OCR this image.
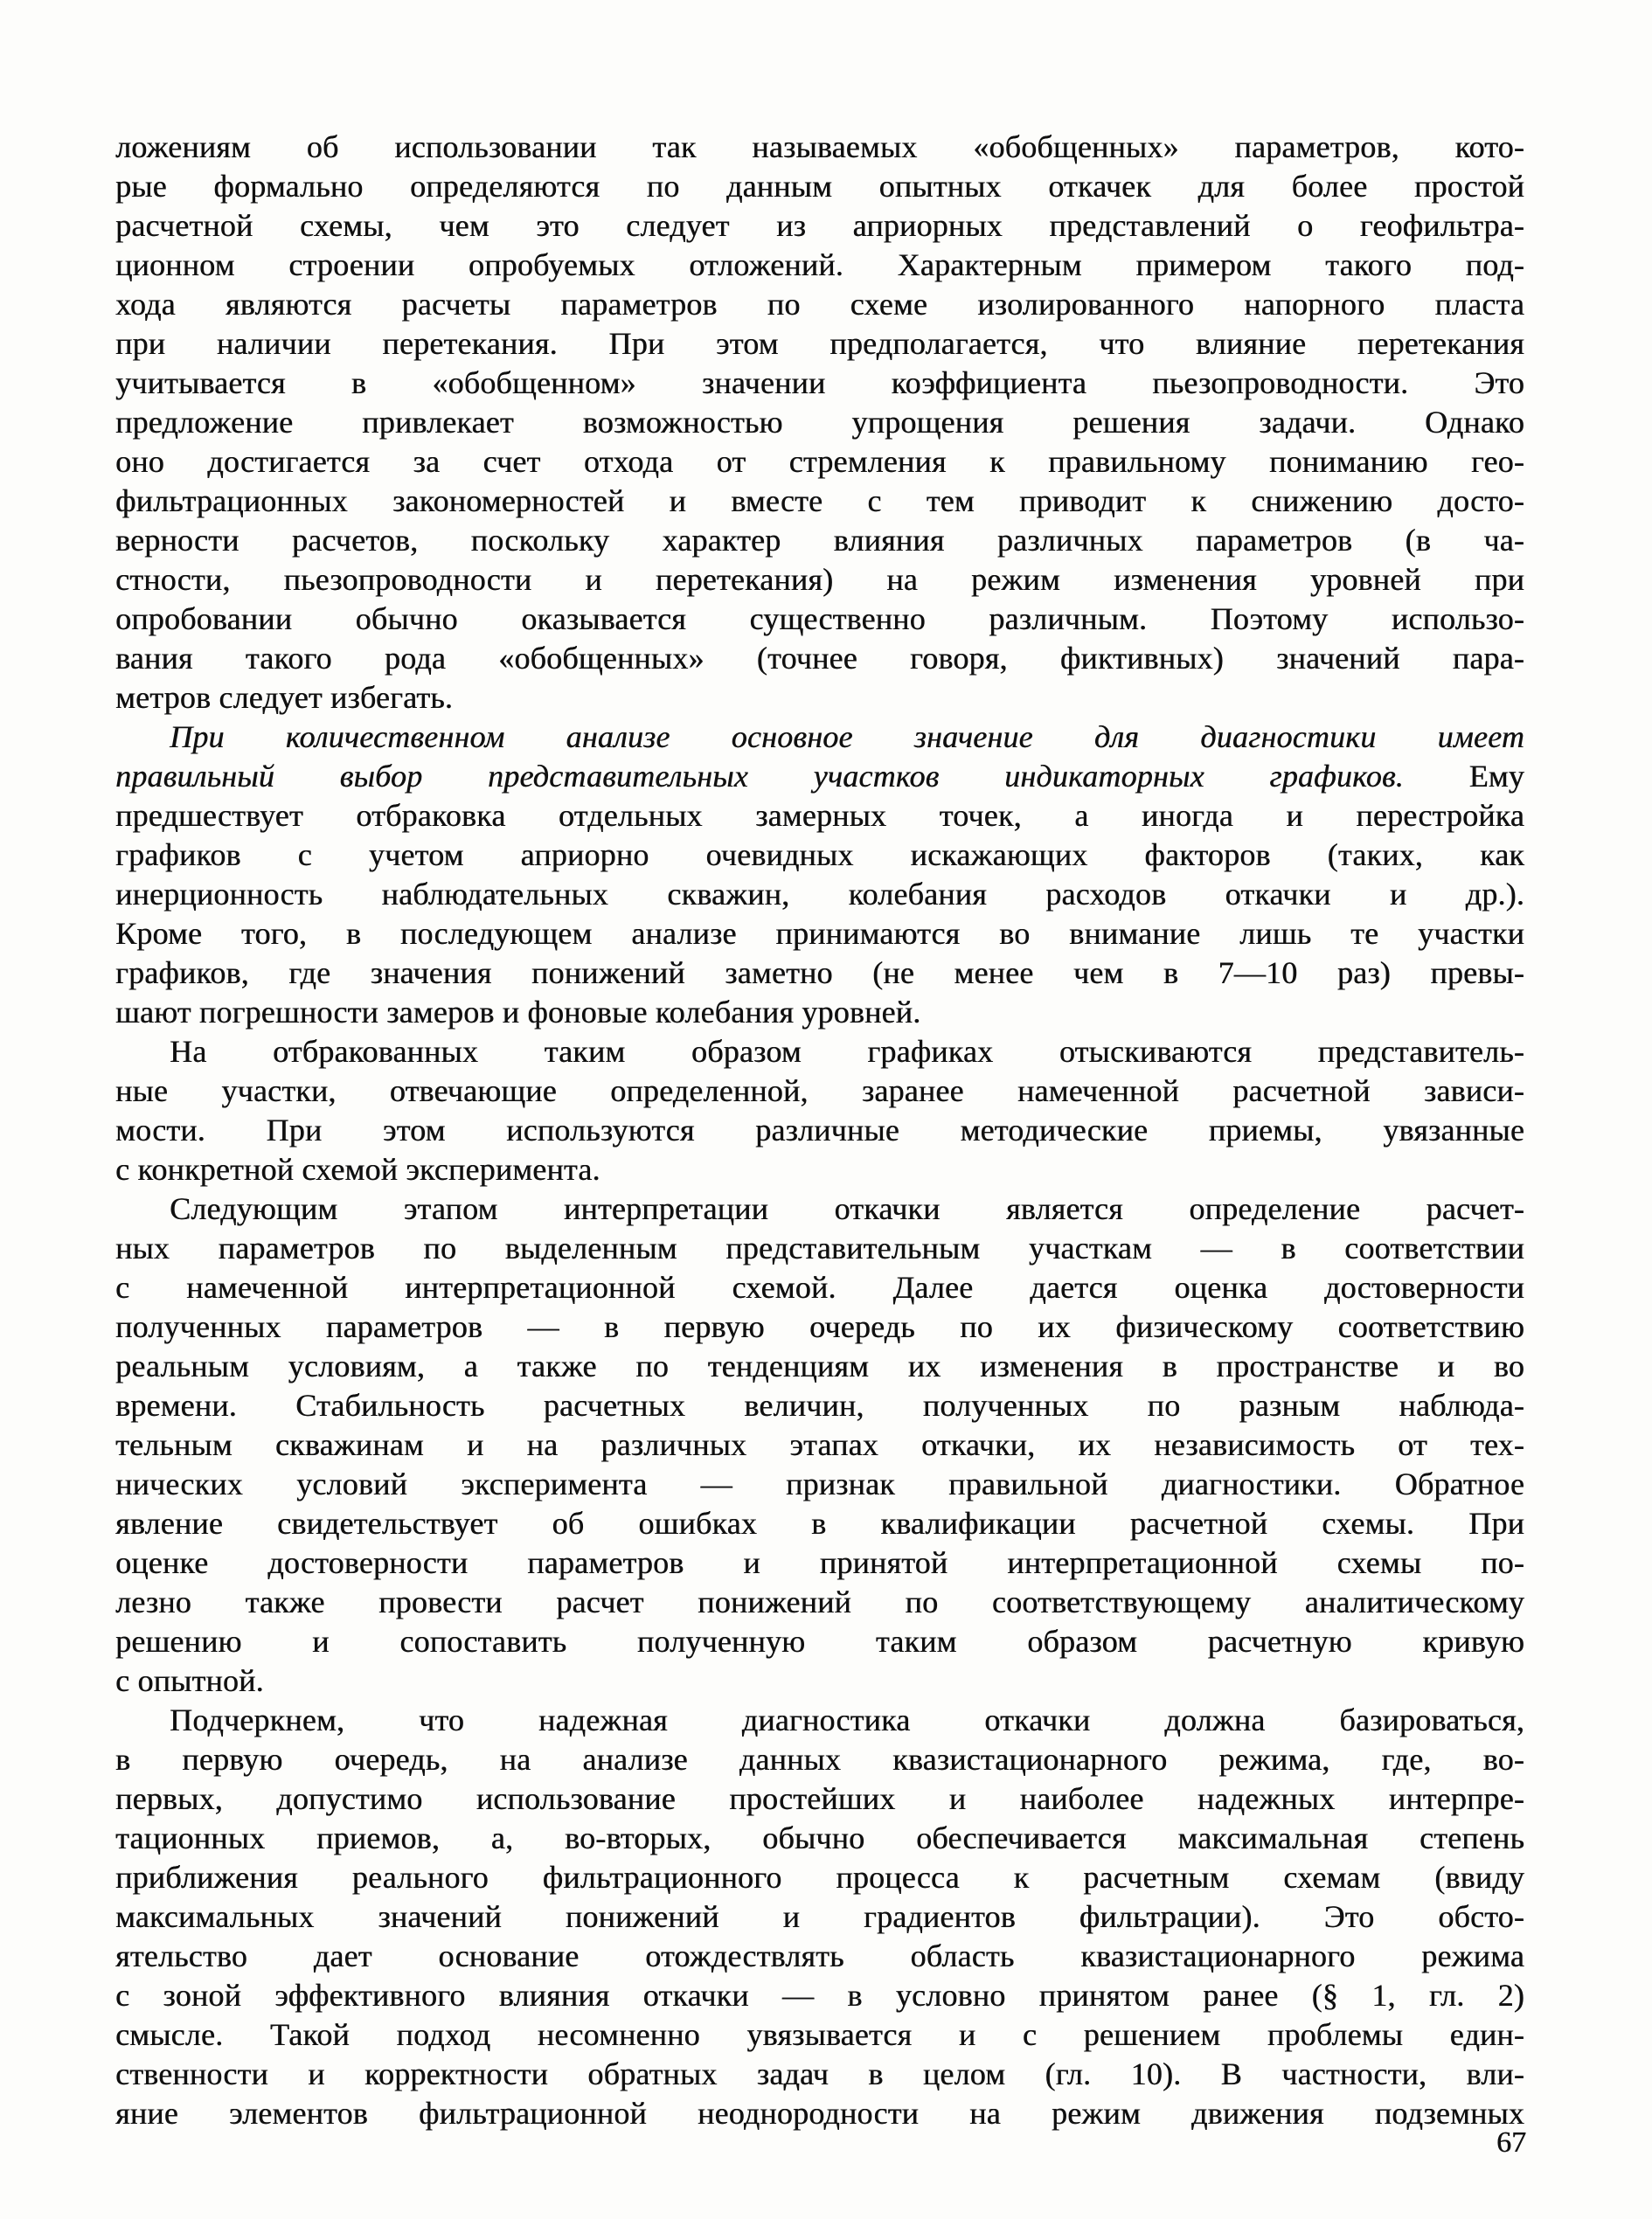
ложениям об использовании так называемых «обобщенных» параметров, кото-
рые формально определяются по данным опытных откачек для более простой
расчетной схемы, чем это следует из априорных представлений о геофильтра-
ционном строении опробуемых отложений. Характерным примером такого под-
хода являются расчеты параметров по схеме изолированного напорного пласта
при наличии перетекания. При этом предполагается, что влияние перетекания
учитывается в «обобщенном» значении коэффициента пьезопроводности. Это
предложение привлекает возможностью упрощения решения задачи. Однако
оно достигается за счет отхода от стремления к правильному пониманию гео-
фильтрационных закономерностей и вместе с тем приводит к снижению досто-
верности расчетов, поскольку характер влияния различных параметров (в ча-
стности, пьезопроводности и перетекания) на режим изменения уровней при
опробовании обычно оказывается существенно различным. Поэтому использо-
вания такого рода «обобщенных» (точнее говоря, фиктивных) значений пара-
метров следует избегать.
При количественном анализе основное значение для диагностики имеет
правильный выбор представительных участков индикаторных графиков. Ему
предшествует отбраковка отдельных замерных точек, а иногда и перестройка
графиков с учетом априорно очевидных искажающих факторов (таких, как
инерционность наблюдательных скважин, колебания расходов откачки и др.).
Кроме того, в последующем анализе принимаются во внимание лишь те участки
графиков, где значения понижений заметно (не менее чем в 7—10 раз) превы-
шают погрешности замеров и фоновые колебания уровней.
На отбракованных таким образом графиках отыскиваются представитель-
ные участки, отвечающие определенной, заранее намеченной расчетной зависи-
мости. При этом используются различные методические приемы, увязанные
с конкретной схемой эксперимента.
Следующим этапом интерпретации откачки является определение расчет-
ных параметров по выделенным представительным участкам — в соответствии
с намеченной интерпретационной схемой. Далее дается оценка достоверности
полученных параметров — в первую очередь по их физическому соответствию
реальным условиям, а также по тенденциям их изменения в пространстве и во
времени. Стабильность расчетных величин, полученных по разным наблюда-
тельным скважинам и на различных этапах откачки, их независимость от тех-
нических условий эксперимента — признак правильной диагностики. Обратное
явление свидетельствует об ошибках в квалификации расчетной схемы. При
оценке достоверности параметров и принятой интерпретационной схемы по-
лезно также провести расчет понижений по соответствующему аналитическому
решению и сопоставить полученную таким образом расчетную кривую
с опытной.
Подчеркнем, что надежная диагностика откачки должна базироваться,
в первую очередь, на анализе данных квазистационарного режима, где, во-
первых, допустимо использование простейших и наиболее надежных интерпре-
тационных приемов, а, во-вторых, обычно обеспечивается максимальная степень
приближения реального фильтрационного процесса к расчетным схемам (ввиду
максимальных значений понижений и градиентов фильтрации). Это обсто-
ятельство дает основание отождествлять область квазистационарного режима
с зоной эффективного влияния откачки — в условно принятом ранее (§ 1, гл. 2)
смысле. Такой подход несомненно увязывается и с решением проблемы един-
ственности и корректности обратных задач в целом (гл. 10). В частности, вли-
яние элементов фильтрационной неоднородности на режим движения подземных
67
